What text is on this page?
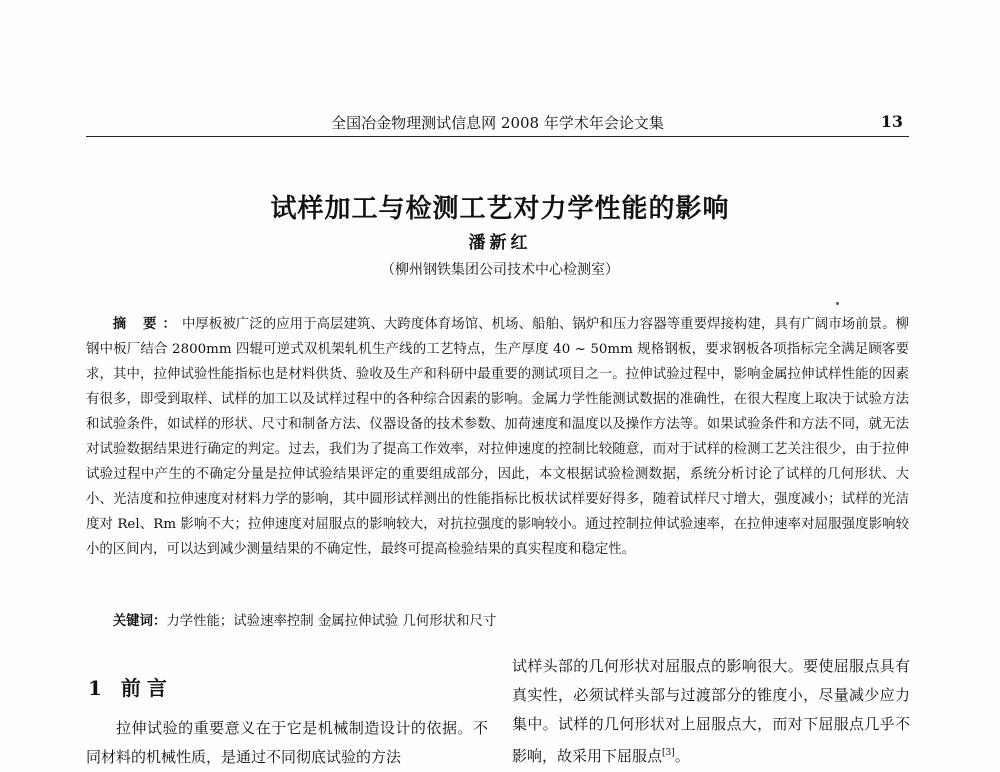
全国冶金物理测试信息网 2008 年学术年会论文集	13
试样加工与检测工艺对力学性能的影响
潘新红
（柳州钢铁集团公司技术中心检测室）
摘 要：中厚板被广泛的应用于高层建筑、大跨度体育场馆、机场、船舶、锅炉和压力容器等重要焊接构建，具有广阔市场前景。柳钢中板厂结合 2800mm 四辊可逆式双机架轧机生产线的工艺特点，生产厚度 40 ~ 50mm 规格钢板，要求钢板各项指标完全满足顾客要求，其中，拉伸试验性能指标也是材料供货、验收及生产和科研中最重要的测试项目之一。拉伸试验过程中，影响金属拉伸试样性能的因素有很多，即受到取样、试样的加工以及试样过程中的各种综合因素的影响。金属力学性能测试数据的准确性，在很大程度上取决于试验方法和试验条件，如试样的形状、尺寸和制备方法、仪器设备的技术参数、加荷速度和温度以及操作方法等。如果试验条件和方法不同，就无法对试验数据结果进行确定的判定。过去，我们为了提高工作效率，对拉伸速度的控制比较随意，而对于试样的检测工艺关注很少，由于拉伸试验过程中产生的不确定分量是拉伸试验结果评定的重要组成部分，因此，本文根据试验检测数据，系统分析讨论了试样的几何形状、大小、光洁度和拉伸速度对材料力学的影响，其中圆形试样测出的性能指标比板状试样要好得多，随着试样尺寸增大，强度减小；试样的光洁度对 Rel、Rm 影响不大；拉伸速度对屈服点的影响较大，对抗拉强度的影响较小。通过控制拉伸试验速率，在拉伸速率对屈服强度影响较小的区间内，可以达到减少测量结果的不确定性，最终可提高检验结果的真实程度和稳定性。
关键词：力学性能；试验速率控制 金属拉伸试验 几何形状和尺寸
1 前言
拉伸试验的重要意义在于它是机械制造设计的依据。不同材料的机械性质，是通过不同彻底试验的方法
试样头部的几何形状对屈服点的影响很大。要使屈服点具有真实性，必须试样头部与过渡部分的锥度小，尽量减少应力集中。试样的几何形状对上屈服点大，而对下屈服点几乎不影响，故采用下屈服点[3]。
